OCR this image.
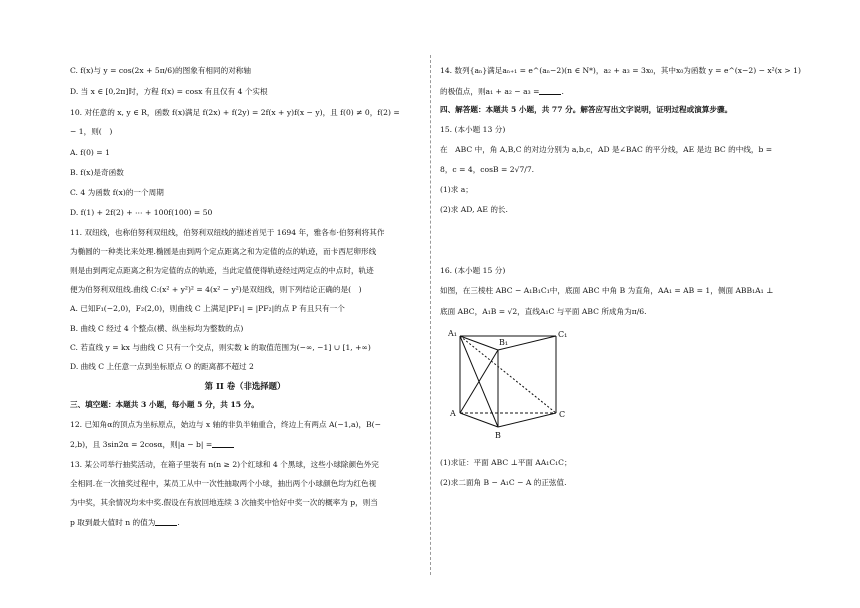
C. f(x)与 y = cos(2x + 5π/6)的图象有相同的对称轴
D. 当 x ∈ [0,2π]时，方程 f(x) = cosx 有且仅有 4 个实根
10. 对任意的 x, y ∈ R，函数 f(x)满足 f(2x) + f(2y) = 2f(x + y)f(x − y)，且 f(0) ≠ 0，f(2) =
− 1，则(　)
A. f(0) = 1
B. f(x)是奇函数
C. 4 为函数 f(x)的一个周期
D. f(1) + 2f(2) + ⋯ + 100f(100) = 50
11. 双纽线，也称伯努利双纽线，伯努利双纽线的描述首见于 1694 年，雅各布·伯努利将其作
为椭圆的一种类比来处理.椭圆是由到两个定点距离之和为定值的点的轨迹，而卡西尼卵形线
则是由到两定点距离之积为定值的点的轨迹，当此定值使得轨迹经过两定点的中点时，轨迹
便为伯努利双纽线.曲线 C:(x² + y²)² = 4(x² − y²)是双纽线，则下列结论正确的是(　)
A. 已知F₁(−2,0)，F₂(2,0)，则曲线 C 上满足|PF₁| = |PF₂|的点 P 有且只有一个
B. 曲线 C 经过 4 个整点(横、纵坐标均为整数的点)
C. 若直线 y = kx 与曲线 C 只有一个交点，则实数 k 的取值范围为(−∞, −1] ∪ [1, +∞)
D. 曲线 C 上任意一点到坐标原点 O 的距离都不超过 2
第 II 卷（非选择题）
三、填空题：本题共 3 小题，每小题 5 分，共 15 分。
12. 已知角α的顶点为坐标原点，始边与 x 轴的非负半轴重合，终边上有两点 A(−1,a)，B(−
2,b)，且 3sin2α = 2cosα，则|a − b| =
13. 某公司举行抽奖活动，在箱子里装有 n(n ≥ 2)个红球和 4 个黑球，这些小球除颜色外完
全相同.在一次抽奖过程中，某员工从中一次性抽取两个小球，抽出两个小球颜色均为红色视
为中奖，其余情况均未中奖.假设在有放回地连续 3 次抽奖中恰好中奖一次的概率为 p，则当
p 取到最大值时 n 的值为	.
14. 数列{aₙ}满足aₙ₊₁ = e^(aₙ−2)(n ∈ N*)，a₂ + a₃ = 3x₀，其中x₀为函数 y = e^(x−2) − x²(x > 1)
的极值点，则a₁ + a₂ − a₃ =	.
四、解答题：本题共 5 小题，共 77 分。解答应写出文字说明，证明过程或演算步骤。
15. (本小题 13 分)
在　ABC 中，角 A,B,C 的对边分别为 a,b,c，AD 是∠BAC 的平分线，AE 是边 BC 的中线，b =
8，c = 4，cosB = 2√7/7.
(1)求 a；
(2)求 AD, AE 的长.
16. (本小题 15 分)
如图，在三棱柱 ABC − A₁B₁C₁中，底面 ABC 中角 B 为直角，AA₁ = AB = 1，侧面 ABB₁A₁ ⊥
底面 ABC，A₁B = √2，直线A₁C 与平面 ABC 所成角为π/6.
A₁
B₁
C₁
A
B
C
(1)求证：平面 ABC ⊥平面 AA₁C₁C；
(2)求二面角 B − A₁C − A 的正弦值.
